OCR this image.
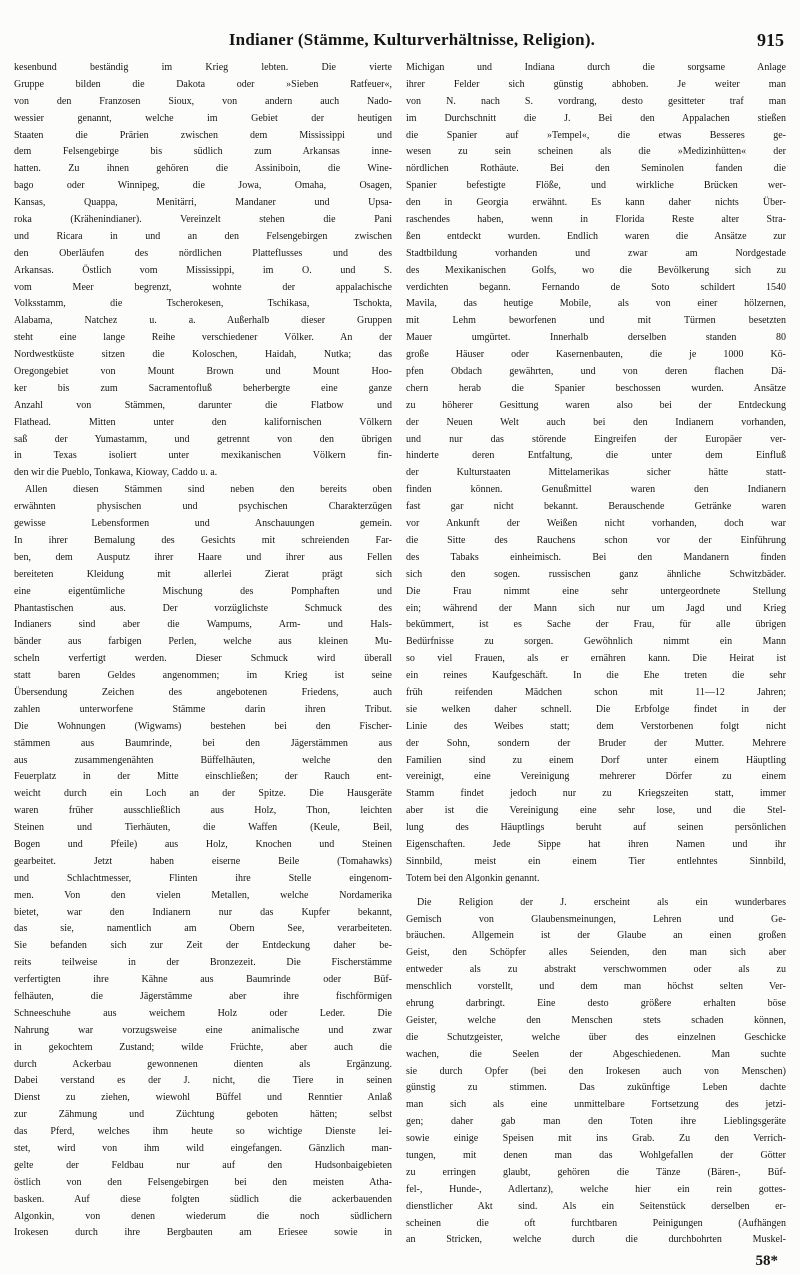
Indianer (Stämme, Kulturverhältnisse, Religion).	915
kesenbund beständig im Krieg lebten. Die vierte
Gruppe bilden die Dakota oder »Sieben Ratfeuer«,
von den Franzosen Sioux, von andern auch Nado-
wessier genannt, welche im Gebiet der heutigen
Staaten die Prärien zwischen dem Mississippi und
dem Felsengebirge bis südlich zum Arkansas inne-
hatten. Zu ihnen gehören die Assiniboin, die Wine-
bago oder Winnipeg, die Jowa, Omaha, Osagen,
Kansas, Quappa, Menitärri, Mandaner und Upsa-
roka (Krähenindianer). Vereinzelt stehen die Pani
und Ricara in und an den Felsengebirgen zwischen
den Oberläufen des nördlichen Platteflusses und des
Arkansas. Östlich vom Mississippi, im O. und S.
vom Meer begrenzt, wohnte der appalachische
Volksstamm, die Tscherokesen, Tschikasa, Tschokta,
Alabama, Natchez u. a. Außerhalb dieser Gruppen
steht eine lange Reihe verschiedener Völker. An der
Nordwestküste sitzen die Koloschen, Haidah, Nutka; das
Oregongebiet von Mount Brown und Mount Hoo-
ker bis zum Sacramentofluß beherbergte eine ganze
Anzahl von Stämmen, darunter die Flatbow und
Flathead. Mitten unter den kalifornischen Völkern
saß der Yumastamm, und getrennt von den übrigen
in Texas isoliert unter mexikanischen Völkern fin-
den wir die Pueblo, Tonkawa, Kioway, Caddo u. a.
Allen diesen Stämmen sind neben den bereits oben
erwähnten physischen und psychischen Charakterzügen
gewisse Lebensformen und Anschauungen gemein.
In ihrer Bemalung des Gesichts mit schreienden Far-
ben, dem Ausputz ihrer Haare und ihrer aus Fellen
bereiteten Kleidung mit allerlei Zierat prägt sich
eine eigentümliche Mischung des Pomphaften und
Phantastischen aus. Der vorzüglichste Schmuck des
Indianers sind aber die Wampums, Arm- und Hals-
bänder aus farbigen Perlen, welche aus kleinen Mu-
scheln verfertigt werden. Dieser Schmuck wird überall
statt baren Geldes angenommen; im Krieg ist seine
Übersendung Zeichen des angebotenen Friedens, auch
zahlen unterworfene Stämme darin ihren Tribut.
Die Wohnungen (Wigwams) bestehen bei den Fischer-
stämmen aus Baumrinde, bei den Jägerstämmen aus
aus zusammengenähten Büffelhäuten, welche den
Feuerplatz in der Mitte einschließen; der Rauch ent-
weicht durch ein Loch an der Spitze. Die Hausgeräte
waren früher ausschließlich aus Holz, Thon, leichten
Steinen und Tierhäuten, die Waffen (Keule, Beil,
Bogen und Pfeile) aus Holz, Knochen und Steinen
gearbeitet. Jetzt haben eiserne Beile (Tomahawks)
und Schlachtmesser, Flinten ihre Stelle eingenom-
men. Von den vielen Metallen, welche Nordamerika
bietet, war den Indianern nur das Kupfer bekannt,
das sie, namentlich am Obern See, verarbeiteten.
Sie befanden sich zur Zeit der Entdeckung daher be-
reits teilweise in der Bronzezeit. Die Fischerstämme
verfertigten ihre Kähne aus Baumrinde oder Büf-
felhäuten, die Jägerstämme aber ihre fischförmigen
Schneeschuhe aus weichem Holz oder Leder. Die
Nahrung war vorzugsweise eine animalische und zwar
in gekochtem Zustand; wilde Früchte, aber auch die
durch Ackerbau gewonnenen dienten als Ergänzung.
Dabei verstand es der J. nicht, die Tiere in seinen
Dienst zu ziehen, wiewohl Büffel und Renntier Anlaß
zur Zähmung und Züchtung geboten hätten; selbst
das Pferd, welches ihm heute so wichtige Dienste lei-
stet, wird von ihm wild eingefangen. Gänzlich man-
gelte der Feldbau nur auf den Hudsonbaigebieten
östlich von den Felsengebirgen bei den meisten Atha-
basken. Auf diese folgten südlich die ackerbauenden
Algonkin, von denen wiederum die noch südlichern
Irokesen durch ihre Bergbauten am Eriesee sowie in
Michigan und Indiana durch die sorgsame Anlage
ihrer Felder sich günstig abhoben. Je weiter man
von N. nach S. vordrang, desto gesitteter traf man
im Durchschnitt die J. Bei den Appalachen stießen
die Spanier auf »Tempel«, die etwas Besseres ge-
wesen zu sein scheinen als die »Medizinhütten« der
nördlichen Rothäute. Bei den Seminolen fanden die
Spanier befestigte Flöße, und wirkliche Brücken wer-
den in Georgia erwähnt. Es kann daher nichts Über-
raschendes haben, wenn in Florida Reste alter Stra-
ßen entdeckt wurden. Endlich waren die Ansätze zur
Stadtbildung vorhanden und zwar am Nordgestade
des Mexikanischen Golfs, wo die Bevölkerung sich zu
verdichten begann. Fernando de Soto schildert 1540
Mavila, das heutige Mobile, als von einer hölzernen,
mit Lehm beworfenen und mit Türmen besetzten
Mauer umgürtet. Innerhalb derselben standen 80
große Häuser oder Kasernenbauten, die je 1000 Kö-
pfen Obdach gewährten, und von deren flachen Dä-
chern herab die Spanier beschossen wurden. Ansätze
zu höherer Gesittung waren also bei der Entdeckung
der Neuen Welt auch bei den Indianern vorhanden,
und nur das störende Eingreifen der Europäer ver-
hinderte deren Entfaltung, die unter dem Einfluß
der Kulturstaaten Mittelamerikas sicher hätte statt-
finden können. Genußmittel waren den Indianern
fast gar nicht bekannt. Berauschende Getränke waren
vor Ankunft der Weißen nicht vorhanden, doch war
die Sitte des Rauchens schon vor der Einführung
des Tabaks einheimisch. Bei den Mandanern finden
sich den sogen. russischen ganz ähnliche Schwitzbäder.
Die Frau nimmt eine sehr untergeordnete Stellung
ein; während der Mann sich nur um Jagd und Krieg
bekümmert, ist es Sache der Frau, für alle übrigen
Bedürfnisse zu sorgen. Gewöhnlich nimmt ein Mann
so viel Frauen, als er ernähren kann. Die Heirat ist
ein reines Kaufgeschäft. In die Ehe treten die sehr
früh reifenden Mädchen schon mit 11—12 Jahren;
sie welken daher schnell. Die Erbfolge findet in der
Linie des Weibes statt; dem Verstorbenen folgt nicht
der Sohn, sondern der Bruder der Mutter. Mehrere
Familien sind zu einem Dorf unter einem Häuptling
vereinigt, eine Vereinigung mehrerer Dörfer zu einem
Stamm findet jedoch nur zu Kriegszeiten statt, immer
aber ist die Vereinigung eine sehr lose, und die Stel-
lung des Häuptlings beruht auf seinen persönlichen
Eigenschaften. Jede Sippe hat ihren Namen und ihr
Sinnbild, meist ein einem Tier entlehntes Sinnbild,
Totem bei den Algonkin genannt.
Die Religion der J. erscheint als ein wunderbares
Gemisch von Glaubensmeinungen, Lehren und Ge-
bräuchen. Allgemein ist der Glaube an einen großen
Geist, den Schöpfer alles Seienden, den man sich aber
entweder als zu abstrakt verschwommen oder als zu
menschlich vorstellt, und dem man höchst selten Ver-
ehrung darbringt. Eine desto größere erhalten böse
Geister, welche den Menschen stets schaden können,
die Schutzgeister, welche über des einzelnen Geschicke
wachen, die Seelen der Abgeschiedenen. Man suchte
sie durch Opfer (bei den Irokesen auch von Menschen)
günstig zu stimmen. Das zukünftige Leben dachte
man sich als eine unmittelbare Fortsetzung des jetzi-
gen; daher gab man den Toten ihre Lieblingsgeräte
sowie einige Speisen mit ins Grab. Zu den Verrich-
tungen, mit denen man das Wohlgefallen der Götter
zu erringen glaubt, gehören die Tänze (Bären-, Büf-
fel-, Hunde-, Adlertanz), welche hier ein rein gottes-
dienstlicher Akt sind. Als ein Seitenstück derselben er-
scheinen die oft furchtbaren Peinigungen (Aufhängen
an Stricken, welche durch die durchbohrten Muskel-
58*
